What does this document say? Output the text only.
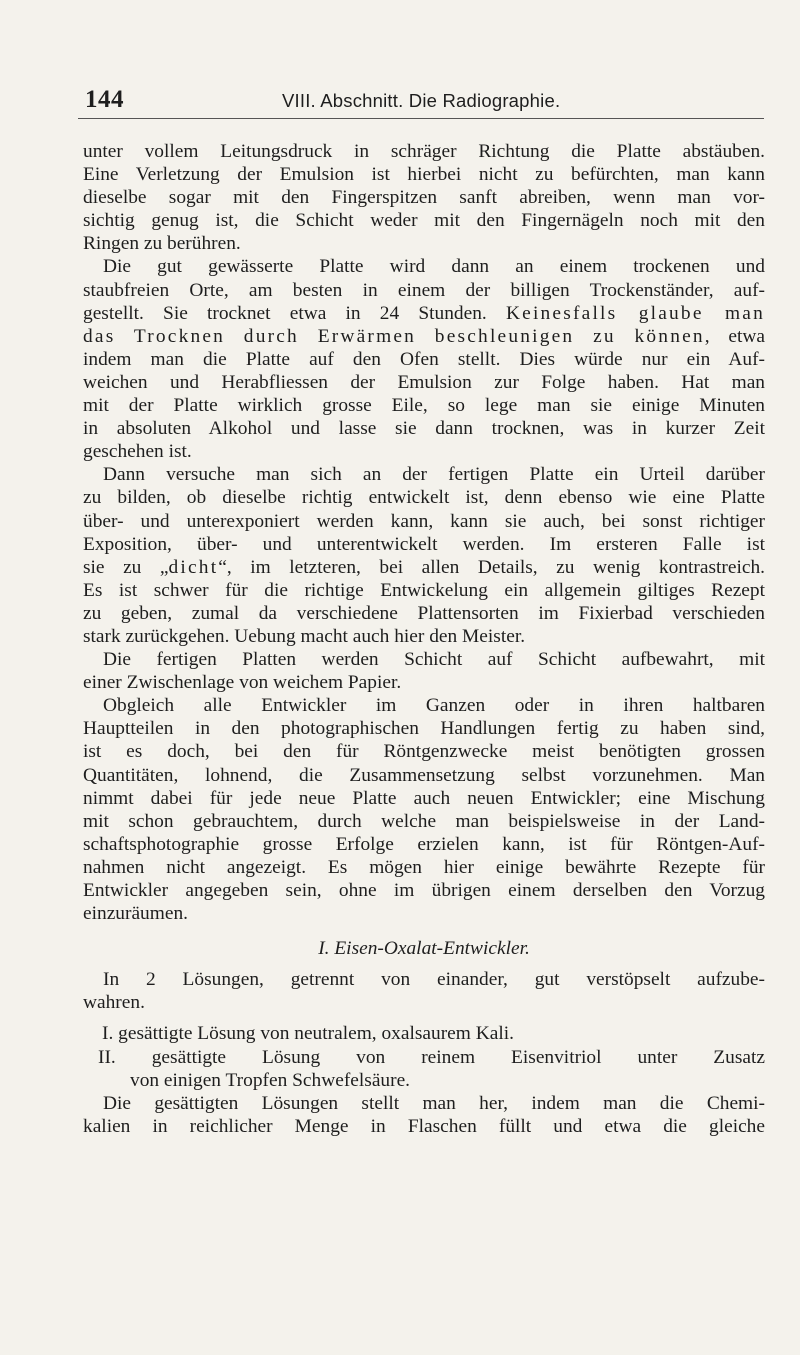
144	VIII. Abschnitt. Die Radiographie.
unter vollem Leitungsdruck in schräger Richtung die Platte abstäuben.
Eine Verletzung der Emulsion ist hierbei nicht zu befürchten, man kann
dieselbe sogar mit den Fingerspitzen sanft abreiben, wenn man vor-
sichtig genug ist, die Schicht weder mit den Fingernägeln noch mit den
Ringen zu berühren.
Die gut gewässerte Platte wird dann an einem trockenen und
staubfreien Orte, am besten in einem der billigen Trockenständer, auf-
gestellt. Sie trocknet etwa in 24 Stunden. Keinesfalls glaube man
das Trocknen durch Erwärmen beschleunigen zu können, etwa
indem man die Platte auf den Ofen stellt. Dies würde nur ein Auf-
weichen und Herabfliessen der Emulsion zur Folge haben. Hat man
mit der Platte wirklich grosse Eile, so lege man sie einige Minuten
in absoluten Alkohol und lasse sie dann trocknen, was in kurzer Zeit
geschehen ist.
Dann versuche man sich an der fertigen Platte ein Urteil darüber
zu bilden, ob dieselbe richtig entwickelt ist, denn ebenso wie eine Platte
über- und unterexponiert werden kann, kann sie auch, bei sonst richtiger
Exposition, über- und unterentwickelt werden. Im ersteren Falle ist
sie zu „dicht“, im letzteren, bei allen Details, zu wenig kontrastreich.
Es ist schwer für die richtige Entwickelung ein allgemein giltiges Rezept
zu geben, zumal da verschiedene Plattensorten im Fixierbad verschieden
stark zurückgehen. Uebung macht auch hier den Meister.
Die fertigen Platten werden Schicht auf Schicht aufbewahrt, mit
einer Zwischenlage von weichem Papier.
Obgleich alle Entwickler im Ganzen oder in ihren haltbaren
Hauptteilen in den photographischen Handlungen fertig zu haben sind,
ist es doch, bei den für Röntgenzwecke meist benötigten grossen
Quantitäten, lohnend, die Zusammensetzung selbst vorzunehmen. Man
nimmt dabei für jede neue Platte auch neuen Entwickler; eine Mischung
mit schon gebrauchtem, durch welche man beispielsweise in der Land-
schaftsphotographie grosse Erfolge erzielen kann, ist für Röntgen-Auf-
nahmen nicht angezeigt. Es mögen hier einige bewährte Rezepte für
Entwickler angegeben sein, ohne im übrigen einem derselben den Vorzug
einzuräumen.
I. Eisen-Oxalat-Entwickler.
In 2 Lösungen, getrennt von einander, gut verstöpselt aufzube-
wahren.
I. gesättigte Lösung von neutralem, oxalsaurem Kali.
II. gesättigte Lösung von reinem Eisenvitriol unter Zusatz
von einigen Tropfen Schwefelsäure.
Die gesättigten Lösungen stellt man her, indem man die Chemi-
kalien in reichlicher Menge in Flaschen füllt und etwa die gleiche
